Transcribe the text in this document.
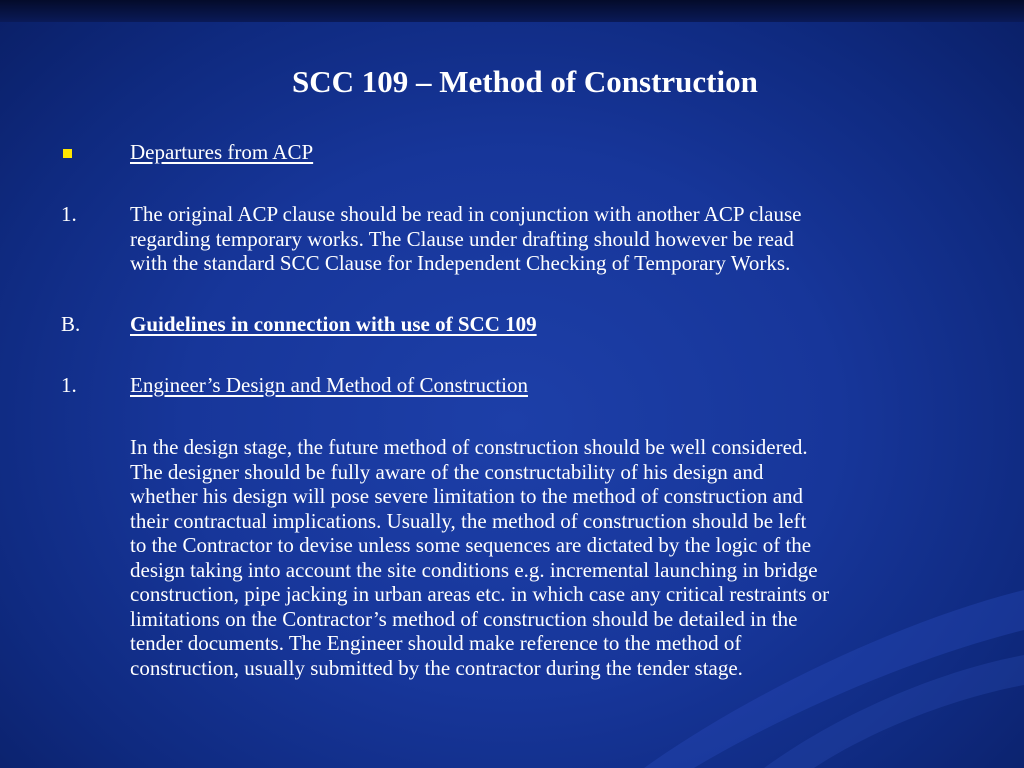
SCC 109 – Method of Construction
Departures from ACP
1.	The original ACP clause should be read in conjunction with another ACP clause
regarding temporary works. The Clause under drafting should however be read
with the standard SCC Clause for Independent Checking of Temporary Works.
B. Guidelines in connection with use of SCC 109
1.	Engineer’s Design and Method of Construction
In the design stage, the future method of construction should be well considered.
The designer should be fully aware of the constructability of his design and
whether his design will pose severe limitation to the method of construction and
their contractual implications. Usually, the method of construction should be left
to the Contractor to devise unless some sequences are dictated by the logic of the
design taking into account the site conditions e.g. incremental launching in bridge
construction, pipe jacking in urban areas etc. in which case any critical restraints or
limitations on the Contractor’s method of construction should be detailed in the
tender documents. The Engineer should make reference to the method of
construction, usually submitted by the contractor during the tender stage.
